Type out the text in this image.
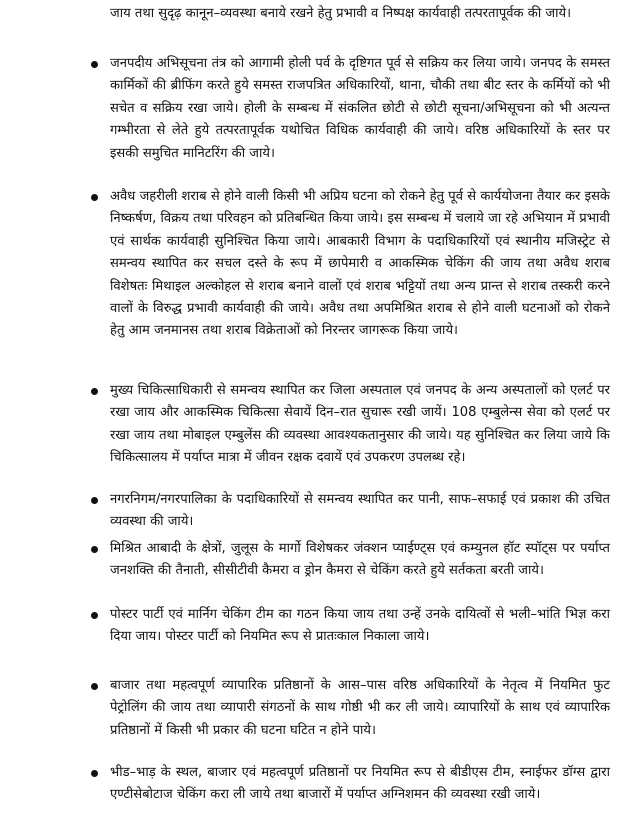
जाय तथा सुदृढ़ कानून–व्यवस्था बनाये रखने हेतु प्रभावी व निष्पक्ष कार्यवाही तत्परतापूर्वक की जाये।

जनपदीय अभिसूचना तंत्र को आगामी होली पर्व के दृष्टिगत पूर्व से सक्रिय कर लिया जाये। जनपद के समस्त कार्मिकों की ब्रीफिंग करते हुये समस्त राजपत्रित अधिकारियों, थाना, चौकी तथा बीट स्तर के कर्मियों को भी सचेत व सक्रिय रखा जाये। होली के सम्बन्ध में संकलित छोटी से छोटी सूचना/अभिसूचना को भी अत्यन्त गम्भीरता से लेते हुये तत्परतापूर्वक यथोचित विधिक कार्यवाही की जाये। वरिष्ठ अधिकारियों के स्तर पर इसकी समुचित मानिटरिंग की जाये।
अवैध जहरीली शराब से होने वाली किसी भी अप्रिय घटना को रोकने हेतु पूर्व से कार्ययोजना तैयार कर इसके निष्कर्षण, विक्रय तथा परिवहन को प्रतिबन्धित किया जाये। इस सम्बन्ध में चलाये जा रहे अभियान में प्रभावी एवं सार्थक कार्यवाही सुनिश्चित किया जाये। आबकारी विभाग के पदाधिकारियों एवं स्थानीय मजिस्ट्रेट से समन्वय स्थापित कर सचल दस्ते के रूप में छापेमारी व आकस्मिक चेकिंग की जाय तथा अवैध शराब विशेषतः मिथाइल अल्कोहल से शराब बनाने वालों एवं शराब भट्टियों तथा अन्य प्रान्त से शराब तस्करी करने वालों के विरुद्ध प्रभावी कार्यवाही की जाये। अवैध तथा अपमिश्रित शराब से होने वाली घटनाओं को रोकने हेतु आम जनमानस तथा शराब विक्रेताओं को निरन्तर जागरूक किया जाये।
मुख्य चिकित्साधिकारी से समन्वय स्थापित कर जिला अस्पताल एवं जनपद के अन्य अस्पतालों को एलर्ट पर रखा जाय और आकस्मिक चिकित्सा सेवायें दिन–रात सुचारू रखी जायें। 108 एम्बुलेन्स सेवा को एलर्ट पर रखा जाय तथा मोबाइल एम्बुलेंस की व्यवस्था आवश्यकतानुसार की जाये। यह सुनिश्चित कर लिया जाये कि चिकित्सालय में पर्याप्त मात्रा में जीवन रक्षक दवायें एवं उपकरण उपलब्ध रहे।
नगरनिगम/नगरपालिका के पदाधिकारियों से समन्वय स्थापित कर पानी, साफ–सफाई एवं प्रकाश की उचित व्यवस्था की जाये।
मिश्रित आबादी के क्षेत्रों, जुलूस के मार्गो विशेषकर जंक्शन प्याईण्ट्स एवं कम्युनल हॉट स्पॉट्स पर पर्याप्त जनशक्ति की तैनाती, सीसीटीवी कैमरा व ड्रोन कैमरा से चेकिंग करते हुये सर्तकता बरती जाये।
पोस्टर पार्टी एवं मार्निग चेकिंग टीम का गठन किया जाय तथा उन्हें उनके दायित्वों से भली–भांति भिज्ञ करा दिया जाय। पोस्टर पार्टी को नियमित रूप से प्रातःकाल निकाला जाये।
बाजार तथा महत्वपूर्ण व्यापारिक प्रतिष्ठानों के आस–पास वरिष्ठ अधिकारियों के नेतृत्व में नियमित फुट पेट्रोलिंग की जाय तथा व्यापारी संगठनों के साथ गोष्ठी भी कर ली जाये। व्यापारियों के साथ एवं व्यापारिक प्रतिष्ठानों में किसी भी प्रकार की घटना घटित न होने पाये।
भीड–भाड़ के स्थल, बाजार एवं महत्वपूर्ण प्रतिष्ठानों पर नियमित रूप से बीडीएस टीम, स्नाईफर डॉग्स द्वारा एण्टीसेबोटाज चेकिंग करा ली जाये तथा बाजारों में पर्याप्त अग्निशमन की व्यवस्था रखी जाये।
